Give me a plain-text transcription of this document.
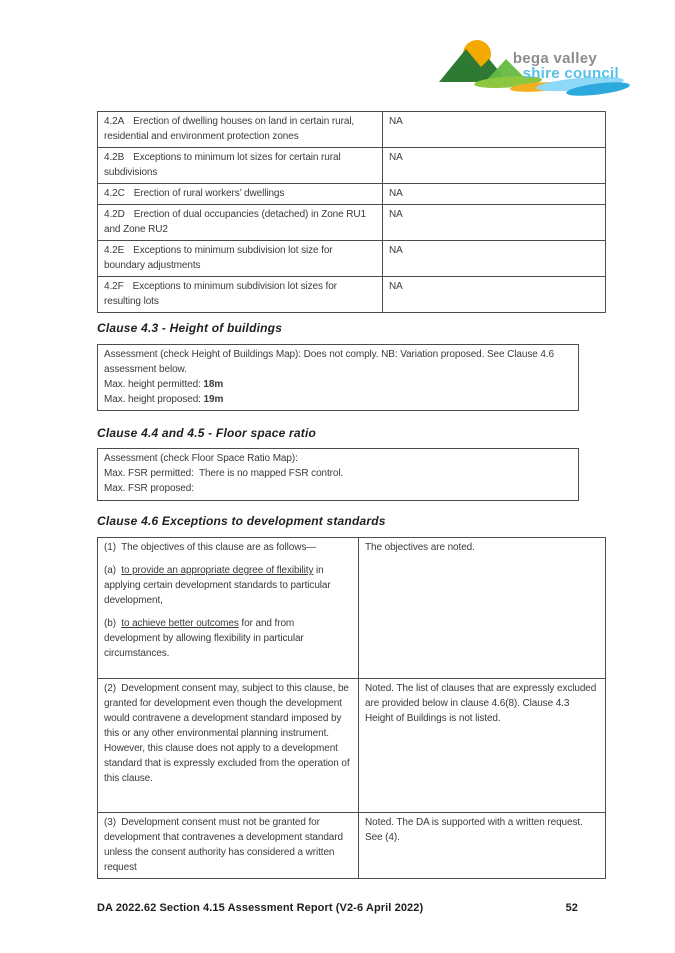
bega valley
shire council
4.2A Erection of dwelling houses on land in certain rural, residential and environment protection zones	NA
4.2B Exceptions to minimum lot sizes for certain rural subdivisions	NA
4.2C Erection of rural workers’ dwellings	NA
4.2D Erection of dual occupancies (detached) in Zone RU1 and Zone RU2	NA
4.2E Exceptions to minimum subdivision lot size for boundary adjustments	NA
4.2F Exceptions to minimum subdivision lot sizes for resulting lots	NA
Clause 4.3 - Height of buildings
Assessment (check Height of Buildings Map): Does not comply. NB: Variation proposed. See Clause 4.6 assessment below.
Max. height permitted: 18m
Max. height proposed: 19m
Clause 4.4 and 4.5 - Floor space ratio
Assessment (check Floor Space Ratio Map):
Max. FSR permitted:  There is no mapped FSR control.
Max. FSR proposed:
Clause 4.6 Exceptions to development standards
(1)  The objectives of this clause are as follows—
(a)  to provide an appropriate degree of flexibility in applying certain development standards to particular development,
(b)  to achieve better outcomes for and from development by allowing flexibility in particular circumstances.	The objectives are noted.

(2)  Development consent may, subject to this clause, be granted for development even though the development would contravene a development standard imposed by this or any other environmental planning instrument. However, this clause does not apply to a development standard that is expressly excluded from the operation of this clause.	Noted. The list of clauses that are expressly excluded are provided below in clause 4.6(8). Clause 4.3 Height of Buildings is not listed.

(3)  Development consent must not be granted for development that contravenes a development standard unless the consent authority has considered a written request	Noted. The DA is supported with a written request. See (4).
DA 2022.62 Section 4.15 Assessment Report (V2-6 April 2022)	52
